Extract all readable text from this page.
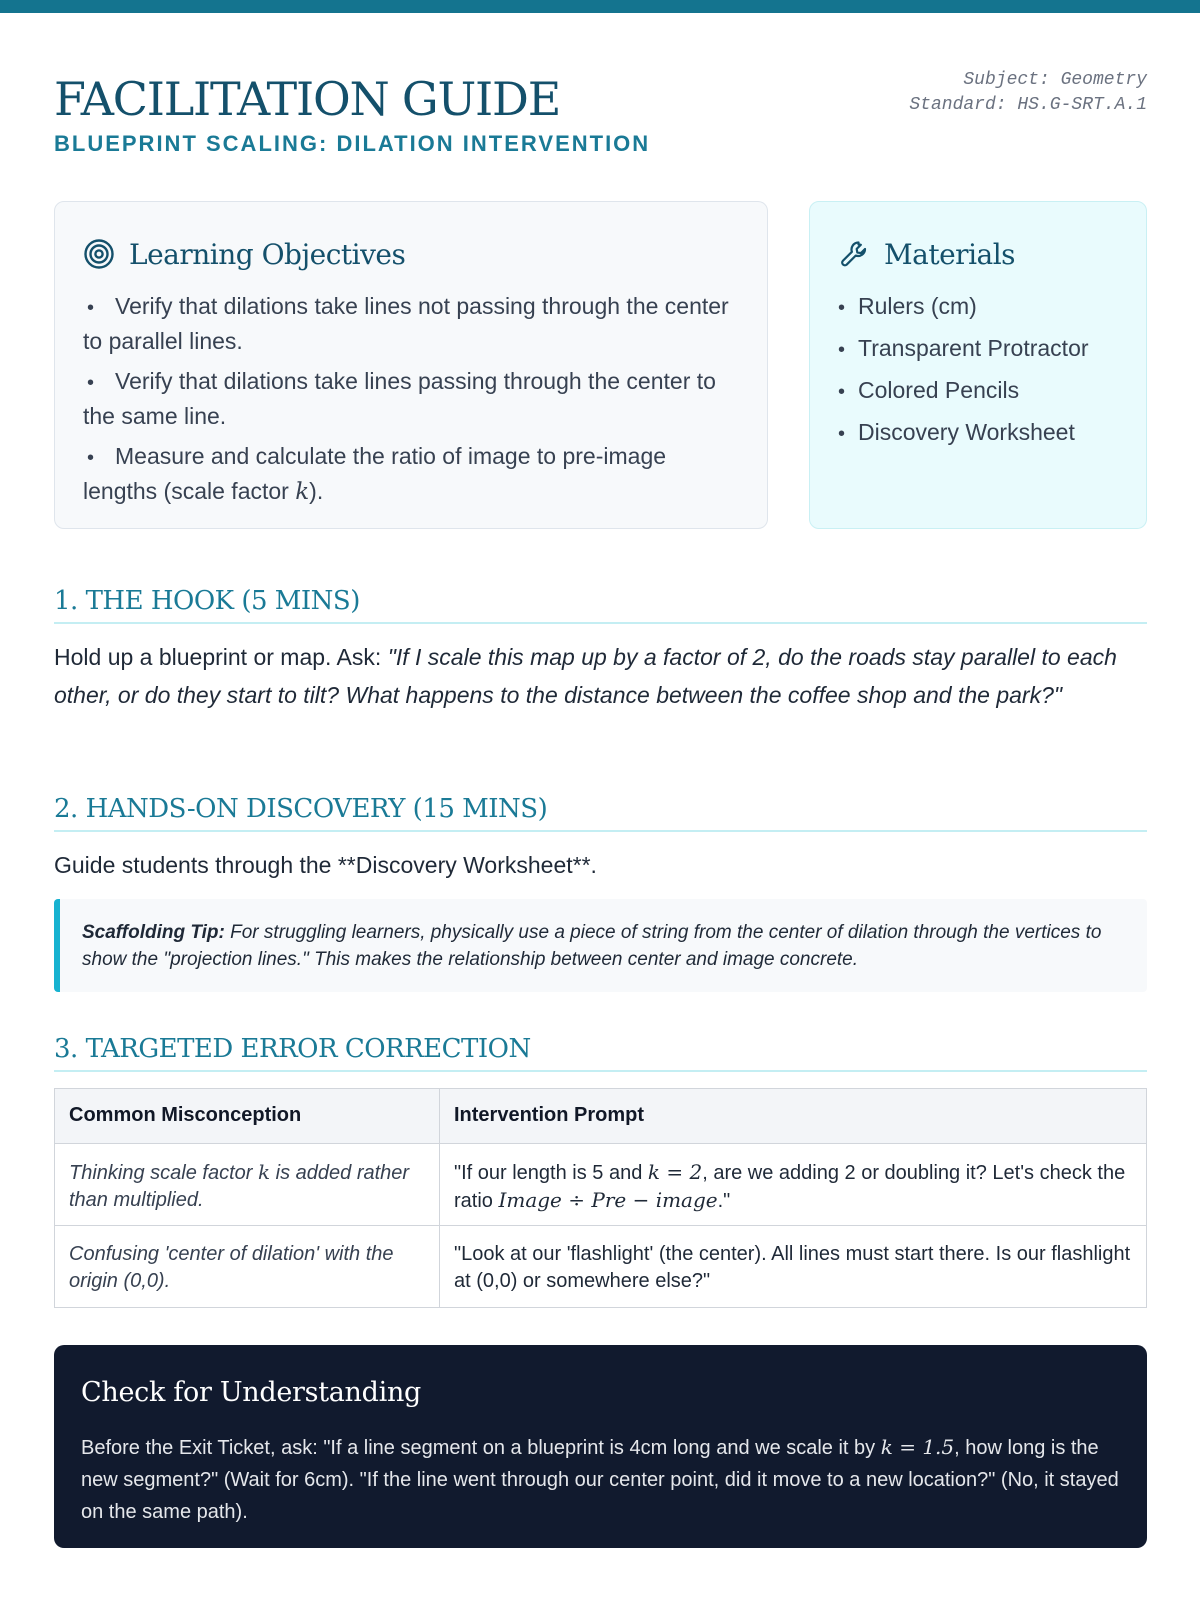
FACILITATION GUIDE
BLUEPRINT SCALING: DILATION INTERVENTION
Subject: Geometry
Standard: HS.G-SRT.A.1
Learning Objectives
• Verify that dilations take lines not passing through the center to parallel lines.
• Verify that dilations take lines passing through the center to the same line.
• Measure and calculate the ratio of image to pre-image lengths (scale factor k).
Materials
• Rulers (cm)
• Transparent Protractor
• Colored Pencils
• Discovery Worksheet
1. THE HOOK (5 MINS)
Hold up a blueprint or map. Ask: "If I scale this map up by a factor of 2, do the roads stay parallel to each other, or do they start to tilt? What happens to the distance between the coffee shop and the park?"
2. HANDS-ON DISCOVERY (15 MINS)
Guide students through the **Discovery Worksheet**.
Scaffolding Tip: For struggling learners, physically use a piece of string from the center of dilation through the vertices to show the "projection lines." This makes the relationship between center and image concrete.
3. TARGETED ERROR CORRECTION
Common Misconception	Intervention Prompt
Thinking scale factor k is added rather than multiplied.	"If our length is 5 and k = 2, are we adding 2 or doubling it? Let's check the ratio Image ÷ Pre − image."
Confusing 'center of dilation' with the origin (0,0).	"Look at our 'flashlight' (the center). All lines must start there. Is our flashlight at (0,0) or somewhere else?"
Check for Understanding
Before the Exit Ticket, ask: "If a line segment on a blueprint is 4cm long and we scale it by k = 1.5, how long is the new segment?" (Wait for 6cm). "If the line went through our center point, did it move to a new location?" (No, it stayed on the same path).
